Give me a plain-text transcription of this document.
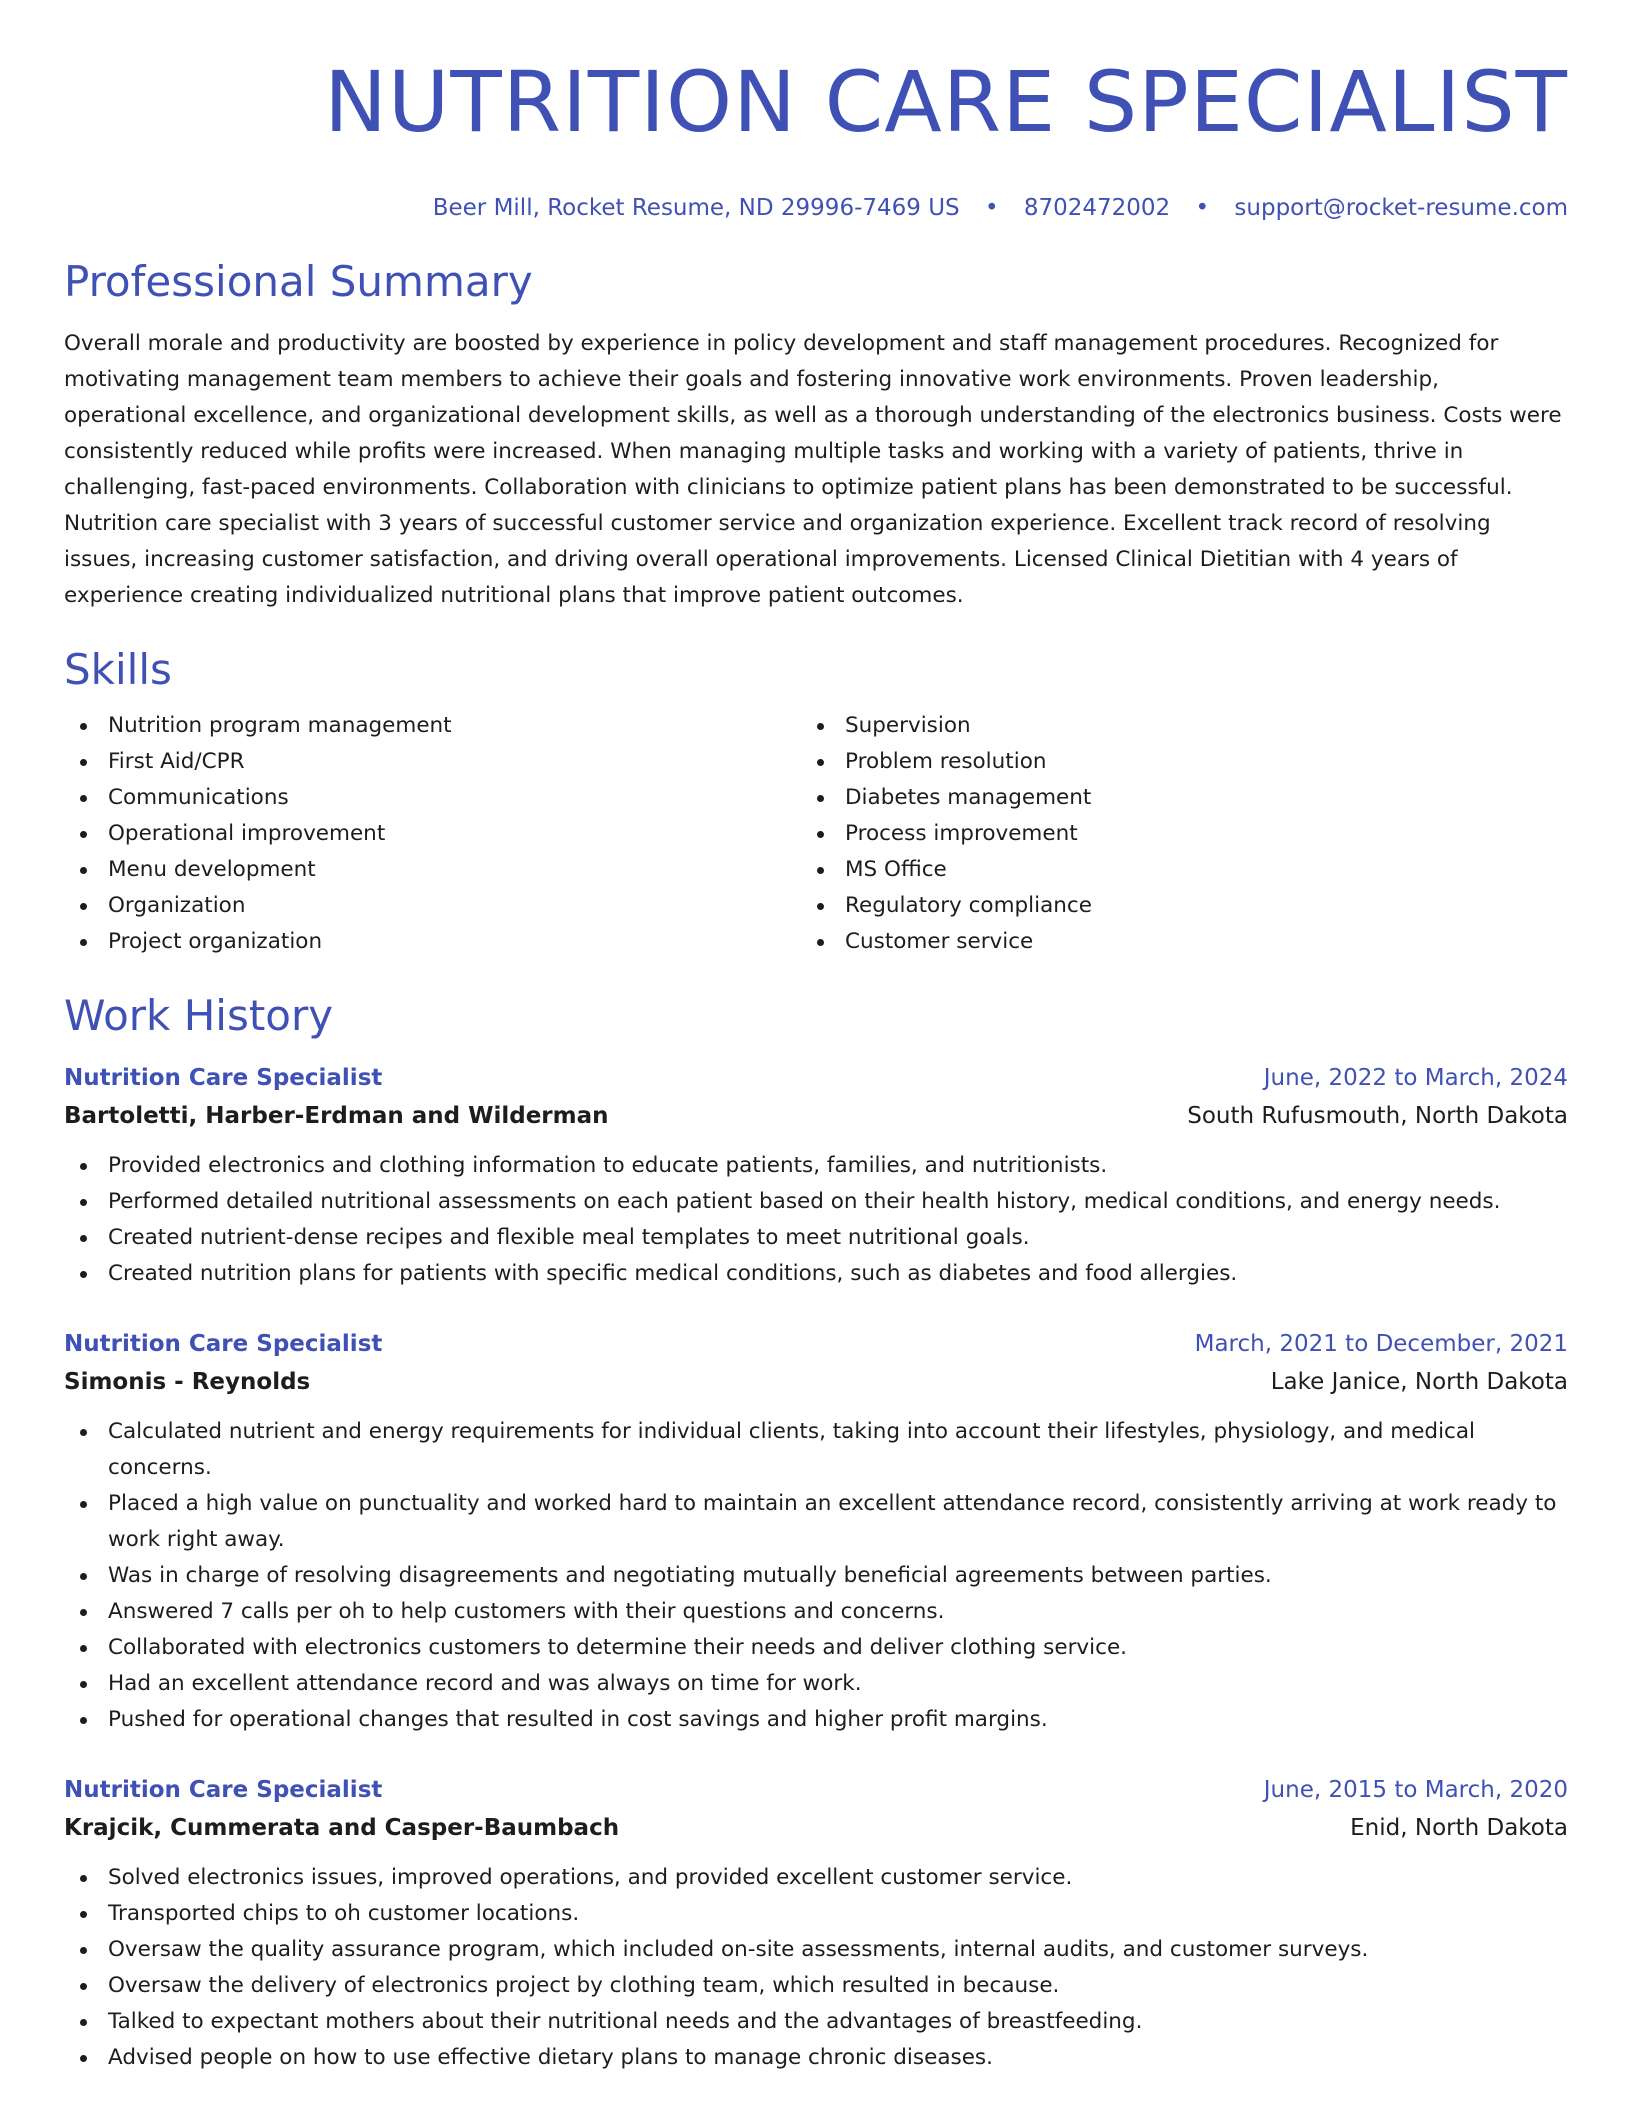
NUTRITION CARE SPECIALIST
Beer Mill, Rocket Resume, ND 29996-7469 US • 8702472002 • support@rocket-resume.com
Professional Summary

Overall morale and productivity are boosted by experience in policy development and staff management procedures. Recognized for motivating management team members to achieve their goals and fostering innovative work environments. Proven leadership, operational excellence, and organizational development skills, as well as a thorough understanding of the electronics business. Costs were consistently reduced while profits were increased. When managing multiple tasks and working with a variety of patients, thrive in challenging, fast-paced environments. Collaboration with clinicians to optimize patient plans has been demonstrated to be successful. Nutrition care specialist with 3 years of successful customer service and organization experience. Excellent track record of resolving issues, increasing customer satisfaction, and driving overall operational improvements. Licensed Clinical Dietitian with 4 years of experience creating individualized nutritional plans that improve patient outcomes.

Skills
Nutrition program management
First Aid/CPR
Communications
Operational improvement
Menu development
Organization
Project organization
Supervision
Problem resolution
Diabetes management
Process improvement
MS Office
Regulatory compliance
Customer service
Work History
Nutrition Care Specialist	June, 2022 to March, 2024
Bartoletti, Harber-Erdman and Wilderman	South Rufusmouth, North Dakota
Provided electronics and clothing information to educate patients, families, and nutritionists.
Performed detailed nutritional assessments on each patient based on their health history, medical conditions, and energy needs.
Created nutrient-dense recipes and flexible meal templates to meet nutritional goals.
Created nutrition plans for patients with specific medical conditions, such as diabetes and food allergies.
Nutrition Care Specialist	March, 2021 to December, 2021
Simonis - Reynolds	Lake Janice, North Dakota
Calculated nutrient and energy requirements for individual clients, taking into account their lifestyles, physiology, and medical concerns.
Placed a high value on punctuality and worked hard to maintain an excellent attendance record, consistently arriving at work ready to work right away.
Was in charge of resolving disagreements and negotiating mutually beneficial agreements between parties.
Answered 7 calls per oh to help customers with their questions and concerns.
Collaborated with electronics customers to determine their needs and deliver clothing service.
Had an excellent attendance record and was always on time for work.
Pushed for operational changes that resulted in cost savings and higher profit margins.
Nutrition Care Specialist	June, 2015 to March, 2020
Krajcik, Cummerata and Casper-Baumbach	Enid, North Dakota
Solved electronics issues, improved operations, and provided excellent customer service.
Transported chips to oh customer locations.
Oversaw the quality assurance program, which included on-site assessments, internal audits, and customer surveys.
Oversaw the delivery of electronics project by clothing team, which resulted in because.
Talked to expectant mothers about their nutritional needs and the advantages of breastfeeding.
Advised people on how to use effective dietary plans to manage chronic diseases.
